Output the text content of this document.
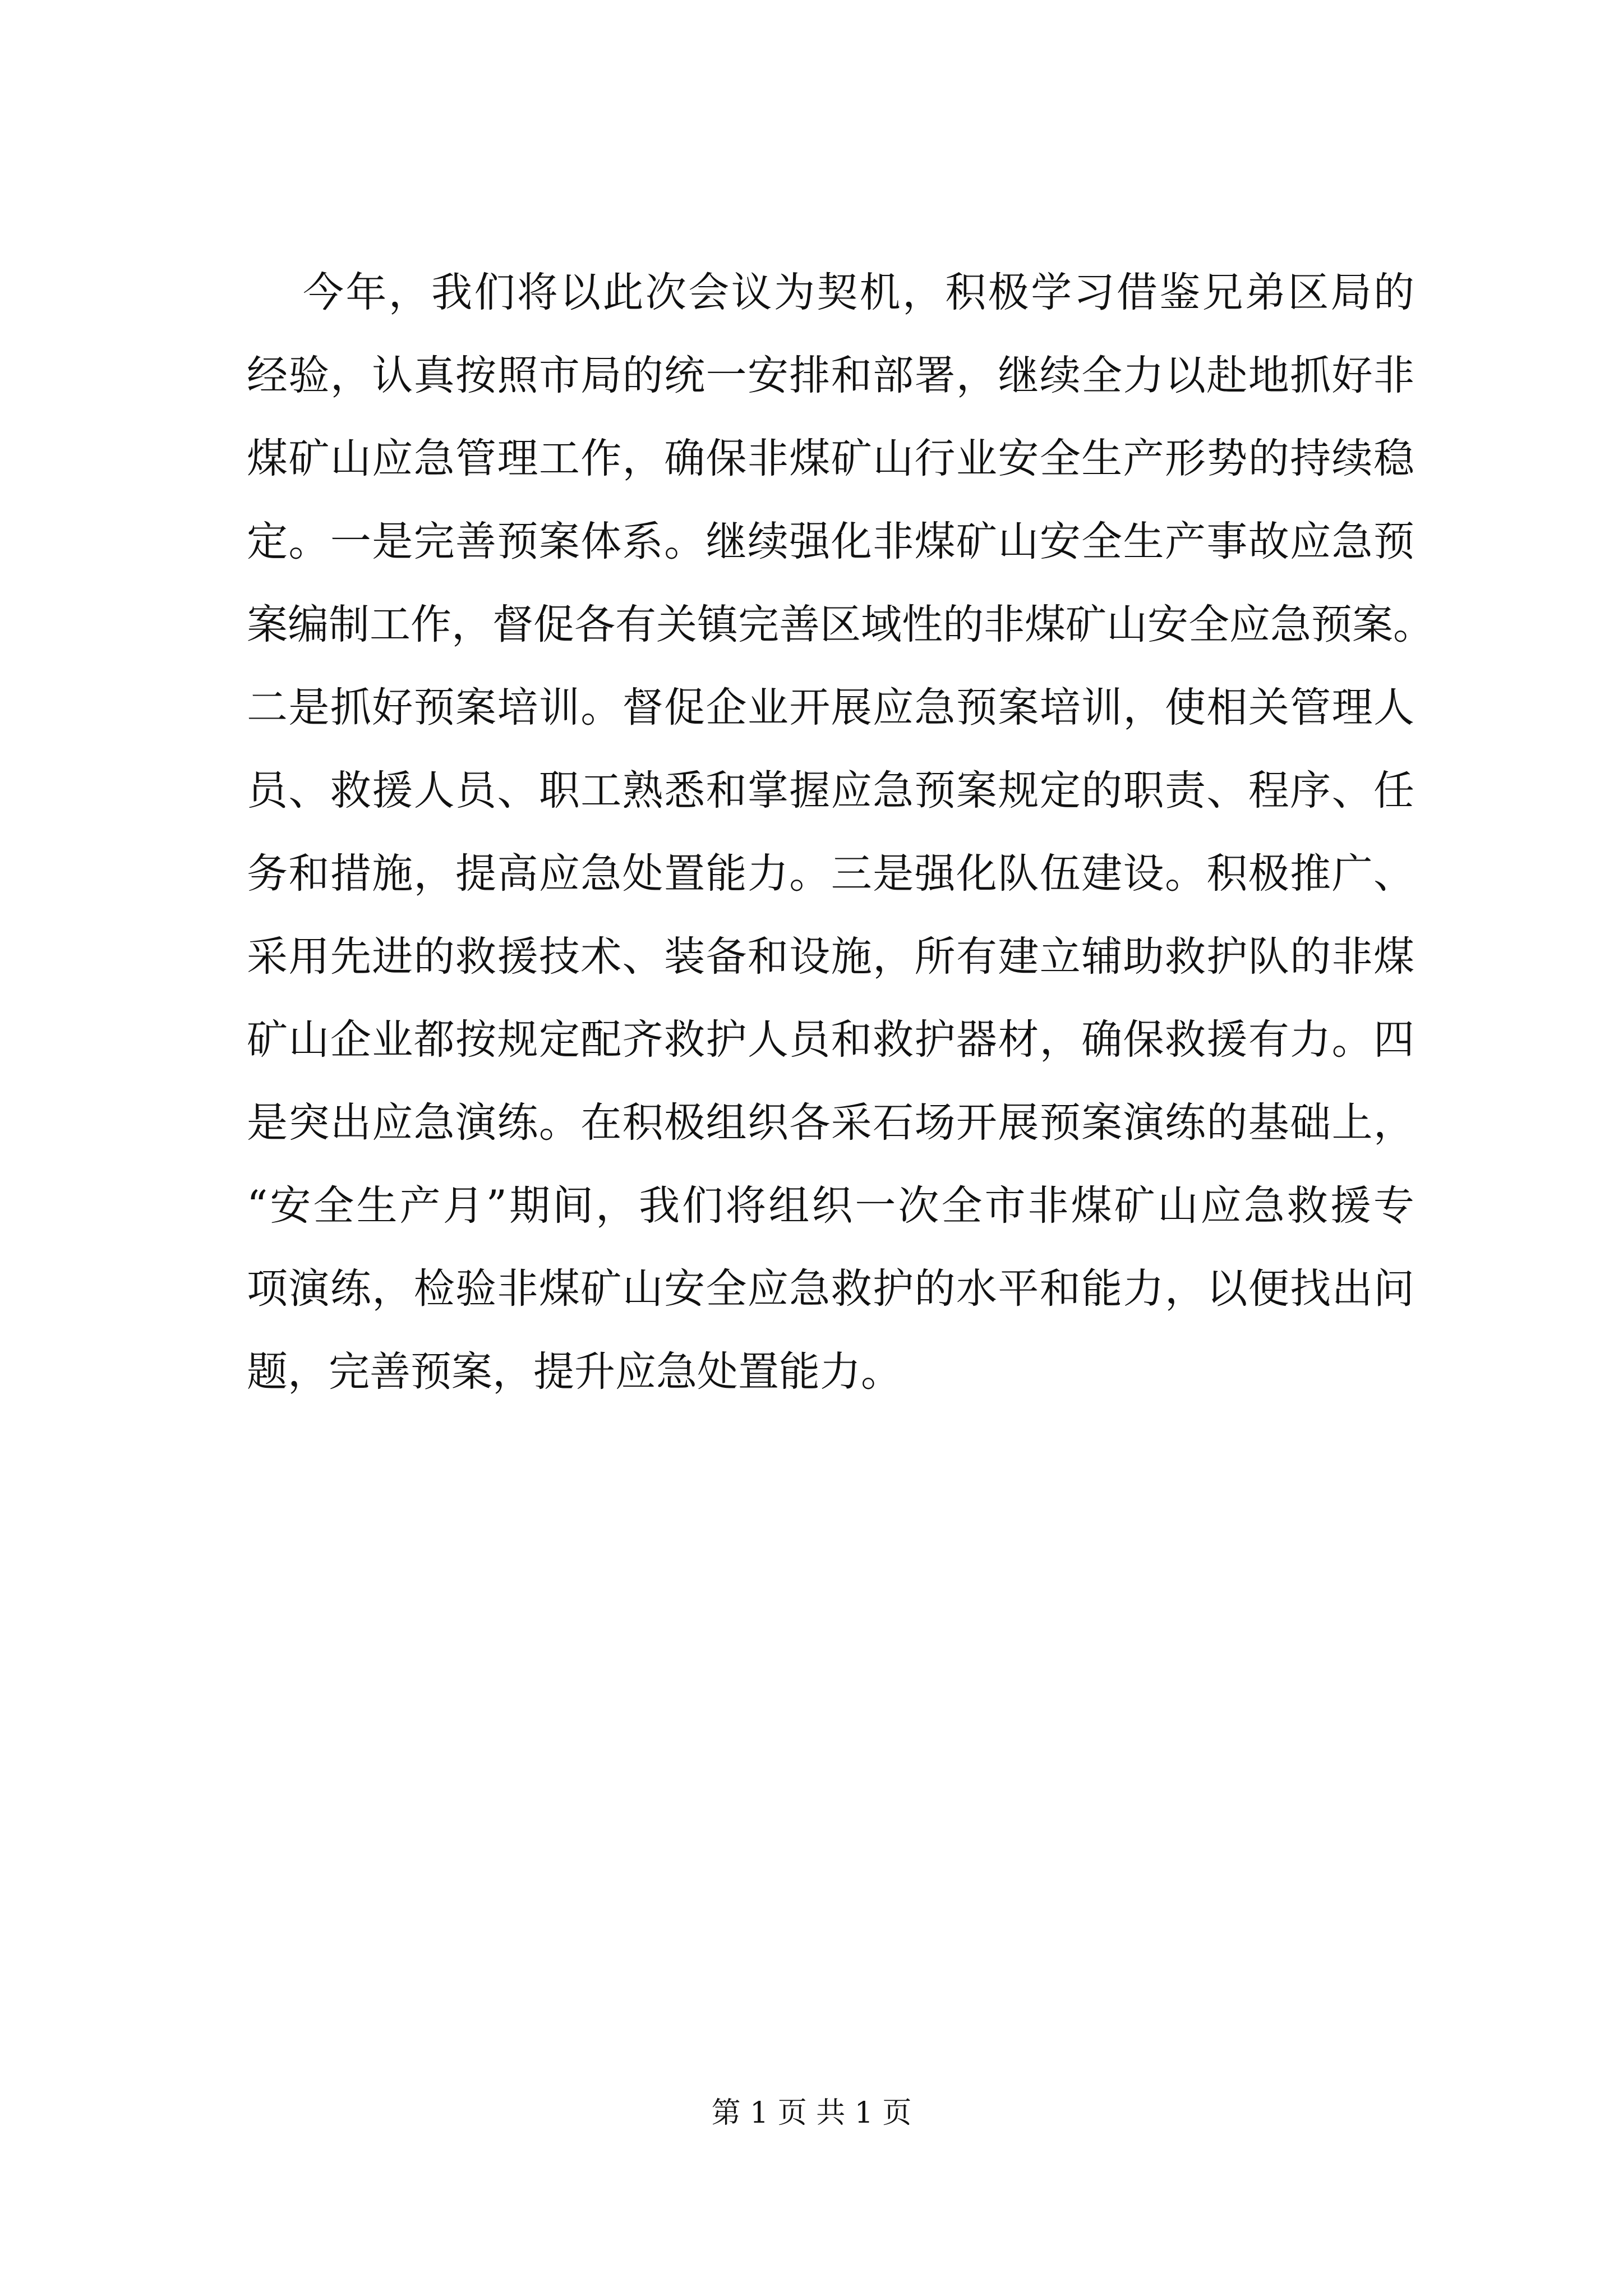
今 年 ， 我 们 将 以 此 次 会 议 为 契 机 ， 积 极 学 习 借 鉴 兄 弟 区 局 的
经 验 ， 认 真 按 照 市 局 的 统 一 安 排 和 部 署 ， 继 续 全 力 以 赴 地 抓 好 非
煤 矿 山 应 急 管 理 工 作 ， 确 保 非 煤 矿 山 行 业 安 全 生 产 形 势 的 持 续 稳
定 。 一 是 完 善 预 案 体 系 。 继 续 强 化 非 煤 矿 山 安 全 生 产 事 故 应 急 预
案 编 制 工 作 ， 督 促 各 有 关 镇 完 善 区 域 性 的 非 煤 矿 山 安 全 应 急 预 案 。
二 是 抓 好 预 案 培 训 。 督 促 企 业 开 展 应 急 预 案 培 训 ， 使 相 关 管 理 人
员 、 救 援 人 员 、 职 工 熟 悉 和 掌 握 应 急 预 案 规 定 的 职 责 、 程 序 、 任
务 和 措 施 ， 提 高 应 急 处 置 能 力 。 三 是 强 化 队 伍 建 设 。 积 极 推 广 、
采 用 先 进 的 救 援 技 术 、 装 备 和 设 施 ， 所 有 建 立 辅 助 救 护 队 的 非 煤
矿 山 企 业 都 按 规 定 配 齐 救 护 人 员 和 救 护 器 材 ， 确 保 救 援 有 力 。 四
是 突 出 应 急 演 练 。 在 积 极 组 织 各 采 石 场 开 展 预 案 演 练 的 基 础 上 ，
“ 安 全 生 产 月 ” 期 间 ， 我 们 将 组 织 一 次 全 市 非 煤 矿 山 应 急 救 援 专
项 演 练 ， 检 验 非 煤 矿 山 安 全 应 急 救 护 的 水 平 和 能 力 ， 以 便 找 出 问
题 ， 完 善 预 案 ， 提 升 应 急 处 置 能 力 。
第 1 页 共 1 页
